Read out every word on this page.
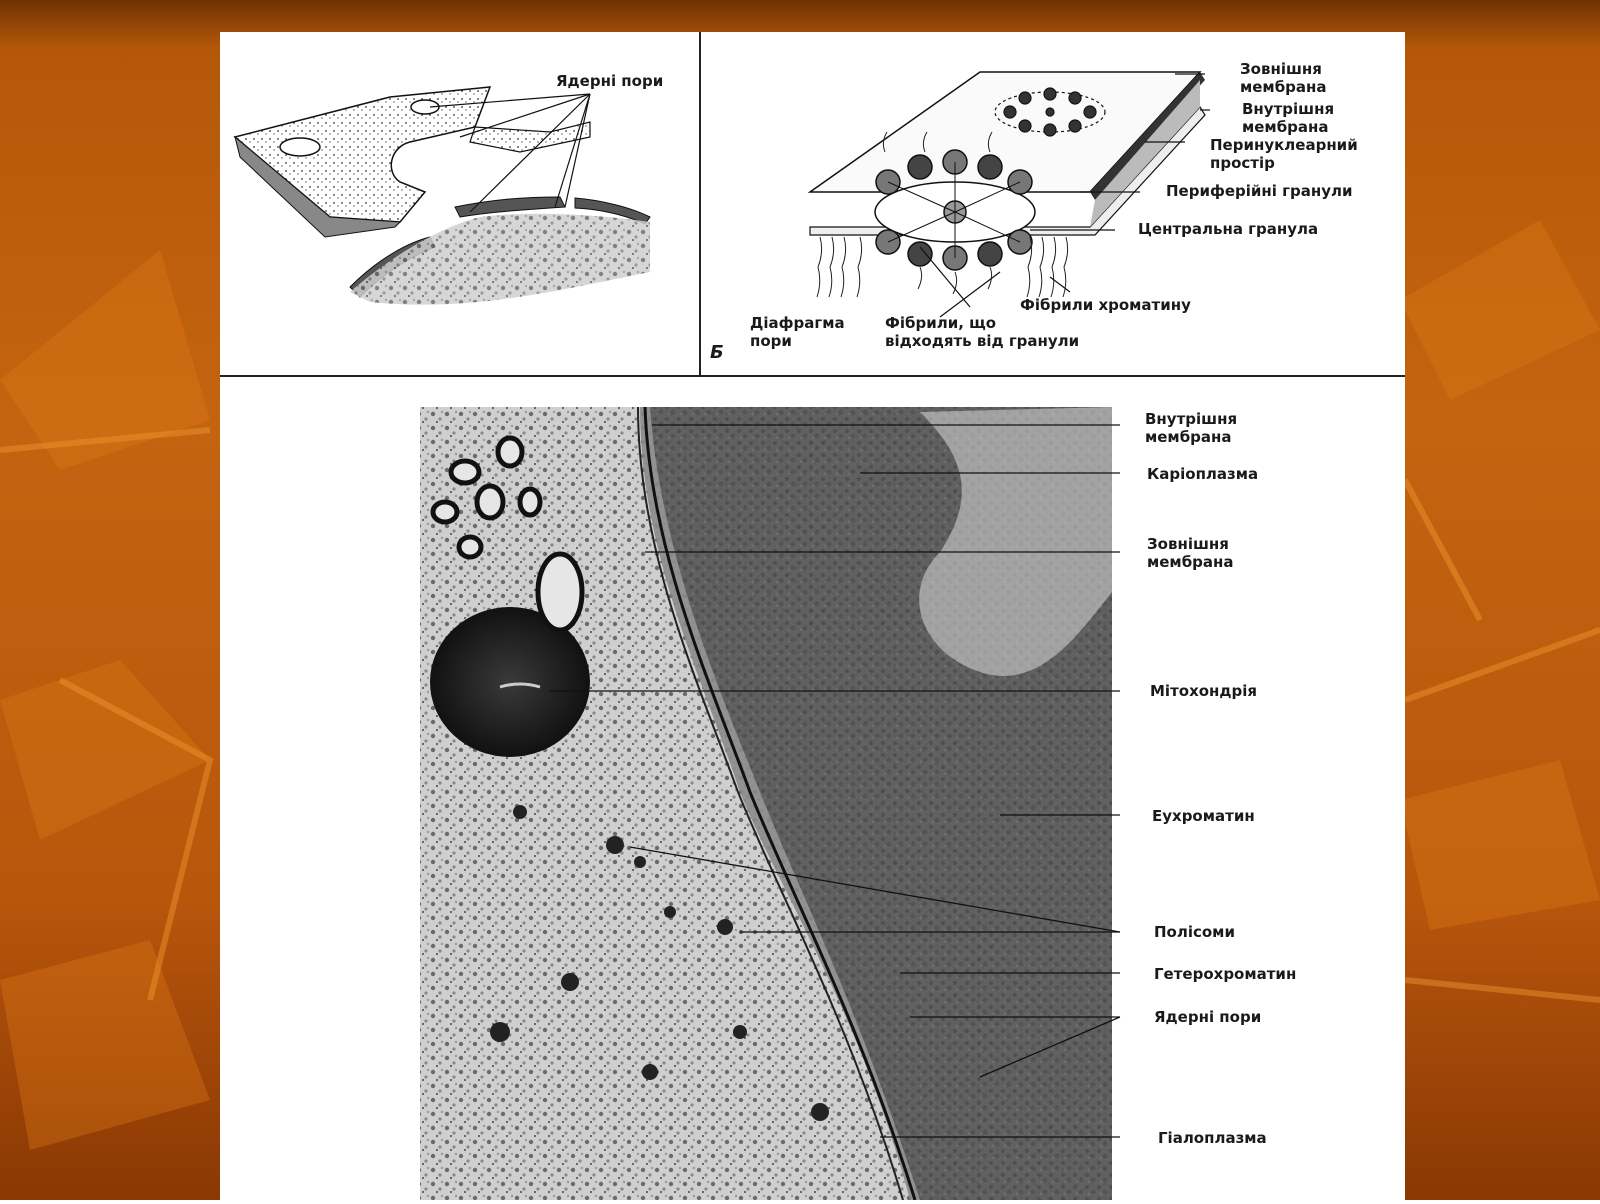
Ядерні пори
Зовнішня
мембрана
Внутрішня
мембрана
Перинуклеарний
простір
Периферійні гранули
Центральна гранула
Фібрили хроматину
Діафрагма
пори
Фібрили, що
відходять від гранули
Б
Внутрішня
мембрана
Каріоплазма
Зовнішня
мембрана
Мітохондрія
Еухроматин
Полісоми
Гетерохроматин
Ядерні пори
Гіалоплазма
